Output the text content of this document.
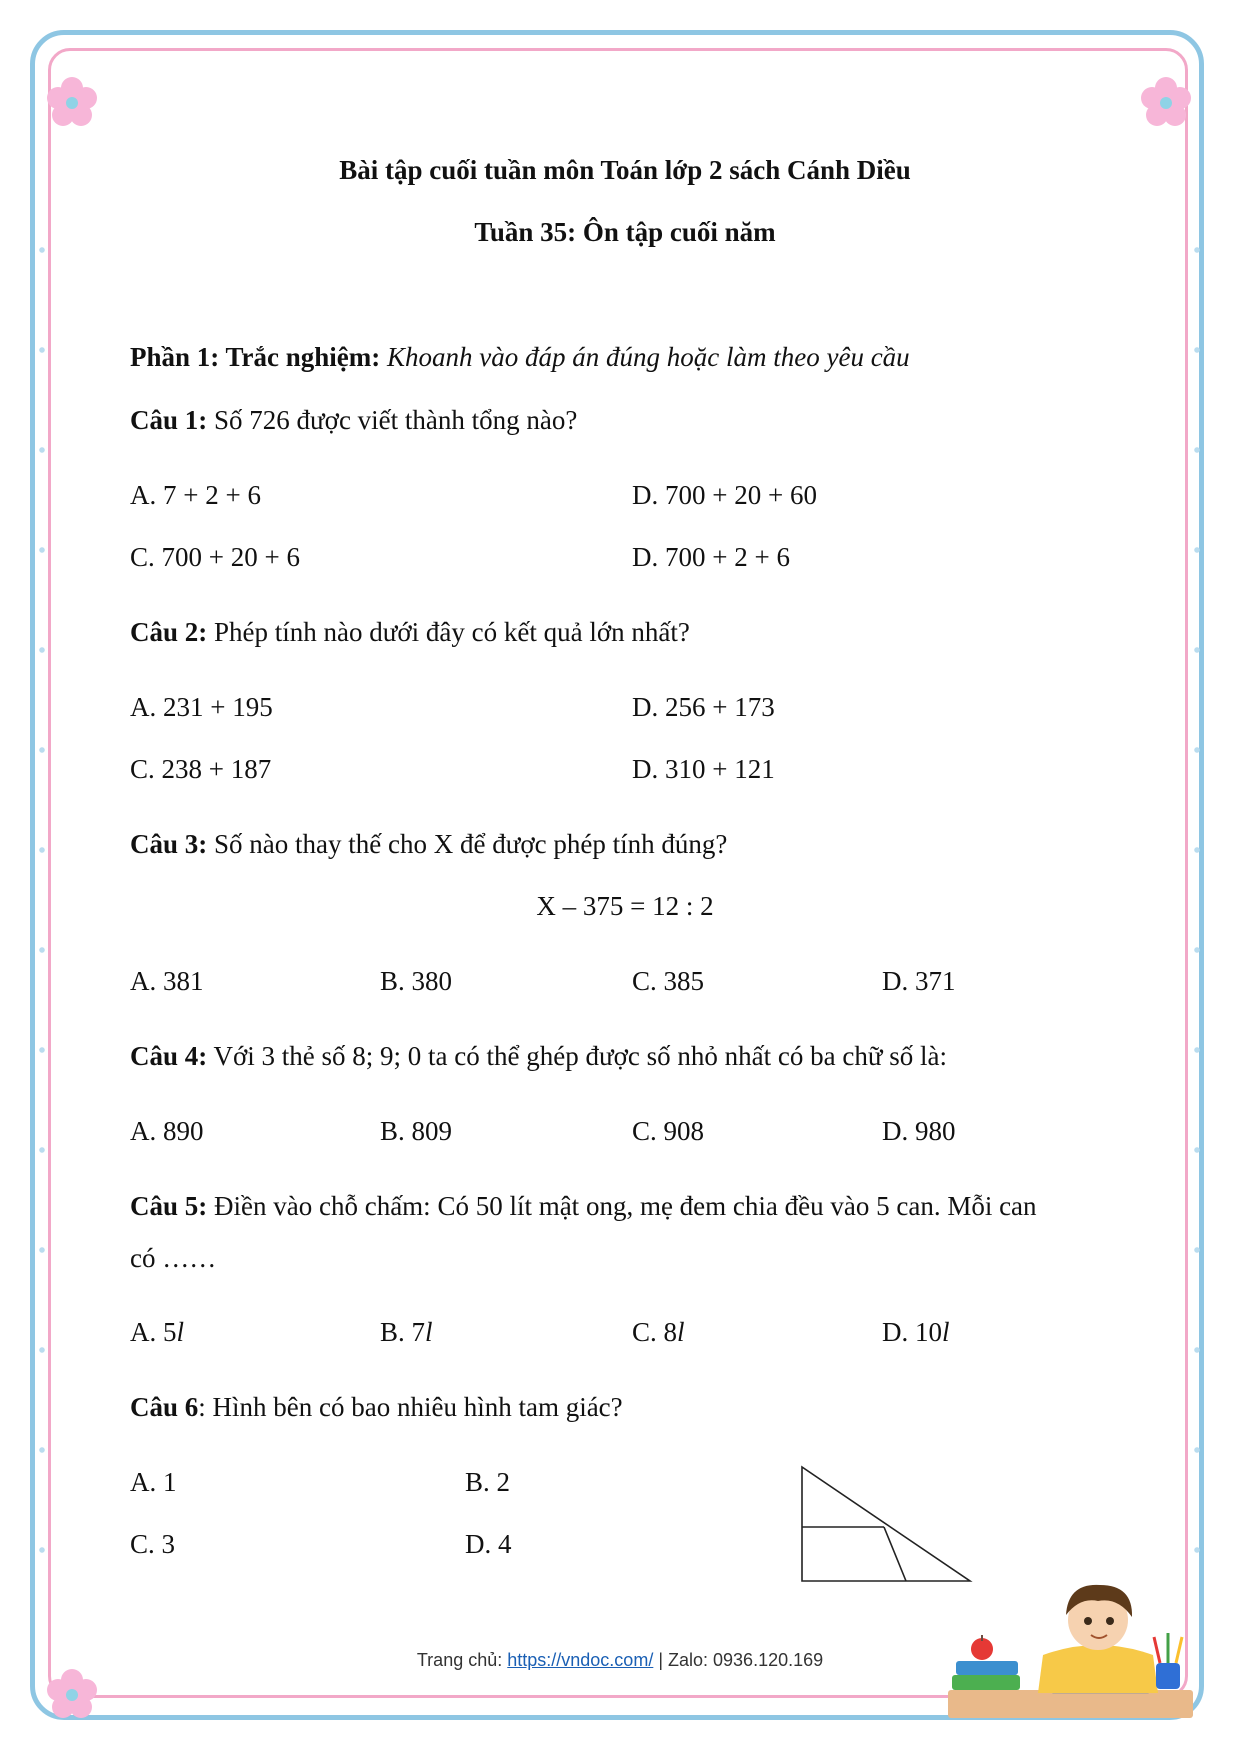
Bài tập cuối tuần môn Toán lớp 2 sách Cánh Diều
Tuần 35: Ôn tập cuối năm
Phần 1: Trắc nghiệm: Khoanh vào đáp án đúng hoặc làm theo yêu cầu
Câu 1: Số 726 được viết thành tổng nào?
A. 7 + 2 + 6	D. 700 + 20 + 60
C. 700 + 20 + 6	D. 700 + 2 + 6
Câu 2: Phép tính nào dưới đây có kết quả lớn nhất?
A. 231 + 195	D. 256 + 173
C. 238 + 187	D. 310 + 121
Câu 3: Số nào thay thế cho X để được phép tính đúng?
X – 375 = 12 : 2
A. 381	B. 380	C. 385	D. 371
Câu 4: Với 3 thẻ số 8; 9; 0 ta có thể ghép được số nhỏ nhất có ba chữ số là:
A. 890	B. 809	C. 908	D. 980
Câu 5: Điền vào chỗ chấm: Có 50 lít mật ong, mẹ đem chia đều vào 5 can. Mỗi can
có ……
A. 5l	B. 7l	C. 8l	D. 10l
Câu 6: Hình bên có bao nhiêu hình tam giác?
A. 1	B. 2
C. 3	D. 4
Trang chủ: https://vndoc.com/ | Zalo: 0936.120.169
